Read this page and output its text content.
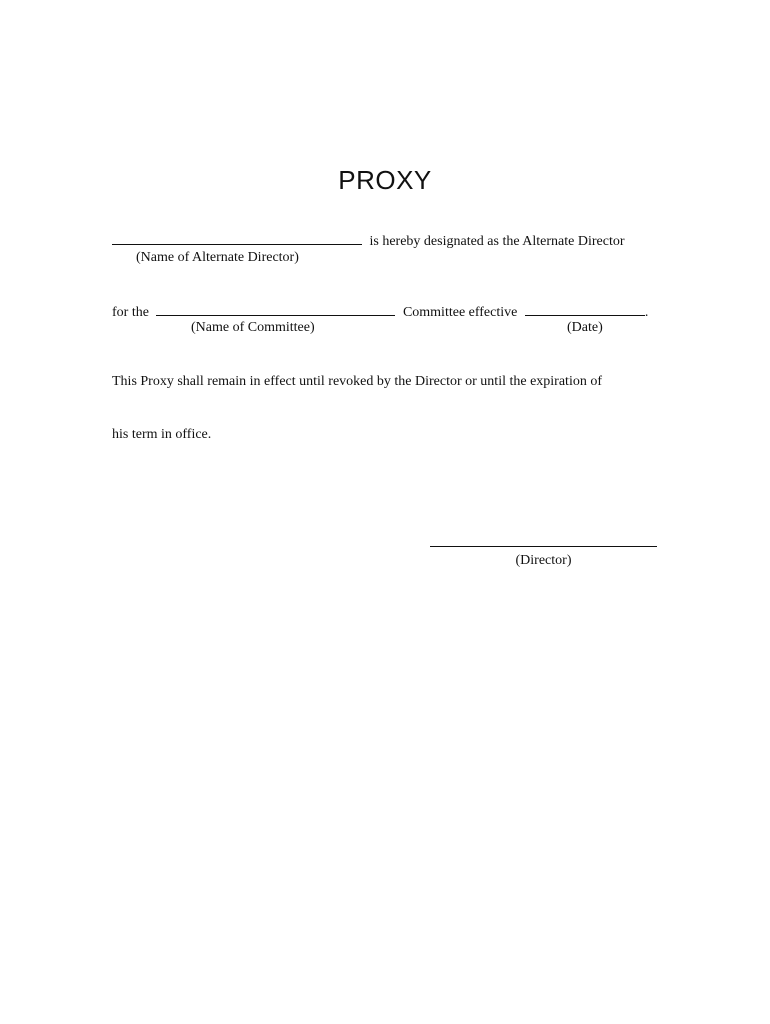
PROXY
is hereby designated as the Alternate Director
(Name of Alternate Director)
for the	Committee effective	.
(Name of Committee)	(Date)
This Proxy shall remain in effect until revoked by the Director or until the expiration of
his term in office.
(Director)
